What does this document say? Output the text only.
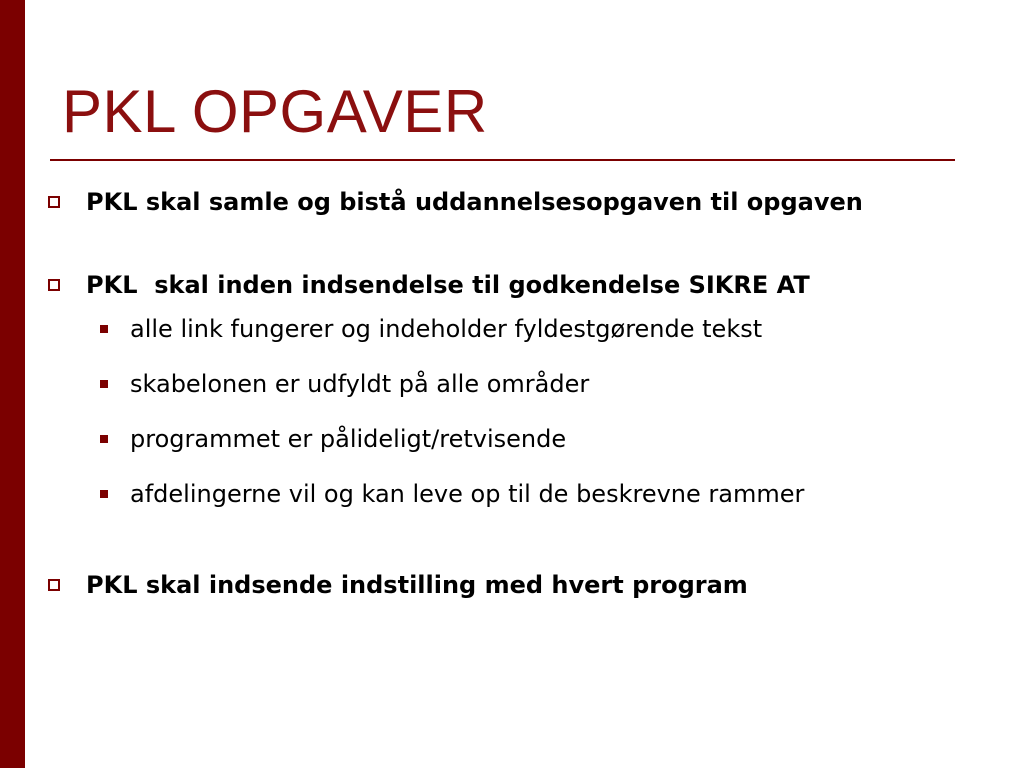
PKL OPGAVER
PKL skal samle og bistå uddannelsesopgaven til opgaven
PKL  skal inden indsendelse til godkendelse SIKRE AT
alle link fungerer og indeholder fyldestgørende tekst
skabelonen er udfyldt på alle områder
programmet er pålideligt/retvisende
afdelingerne vil og kan leve op til de beskrevne rammer
PKL skal indsende indstilling med hvert program
